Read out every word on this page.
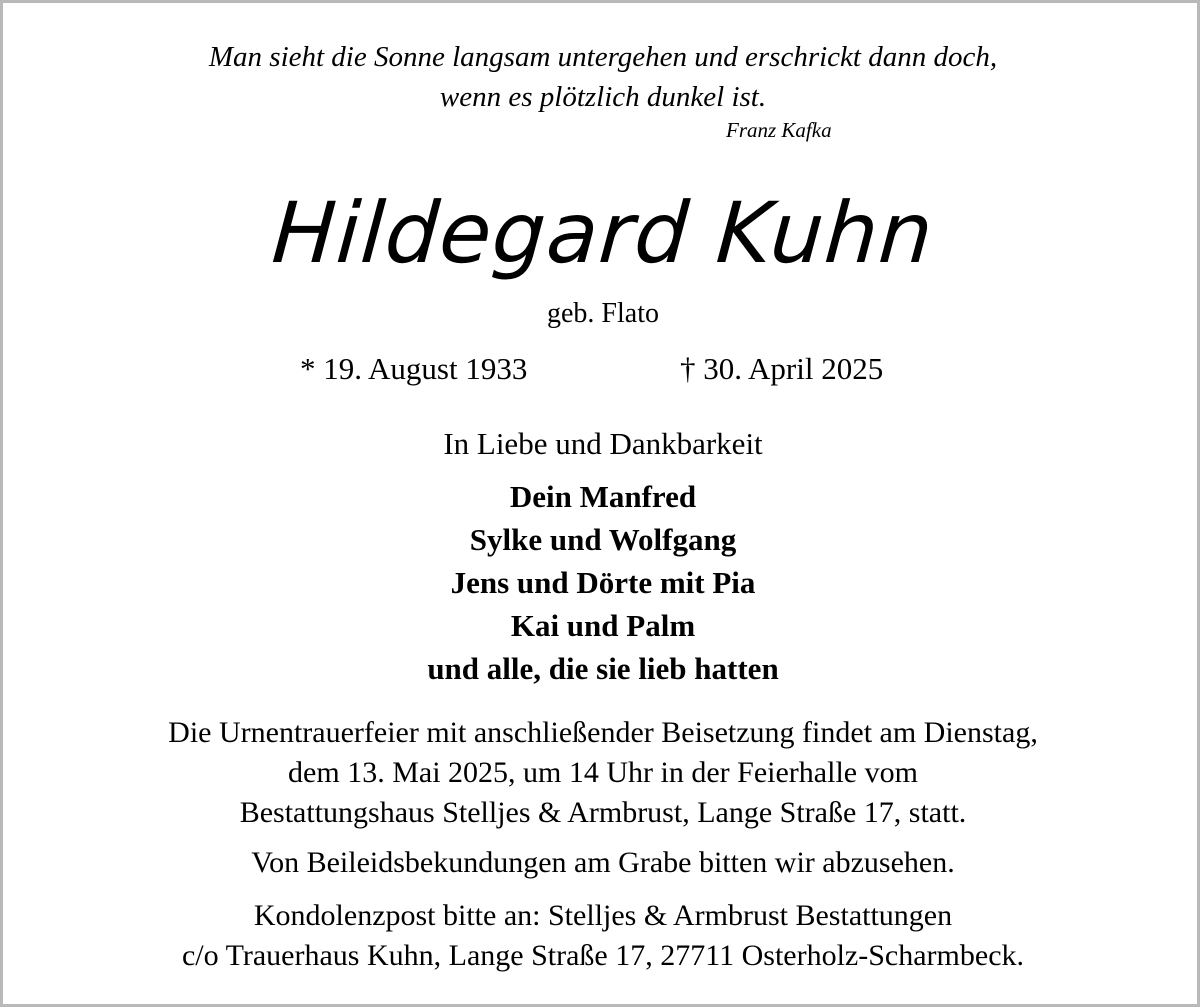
Man sieht die Sonne langsam untergehen und erschrickt dann doch,
wenn es plötzlich dunkel ist.
Franz Kafka
Hildegard Kuhn
geb. Flato
* 19. August 1933	† 30. April 2025
In Liebe und Dankbarkeit
Dein Manfred
Sylke und Wolfgang
Jens und Dörte mit Pia
Kai und Palm
und alle, die sie lieb hatten
Die Urnentrauerfeier mit anschließender Beisetzung findet am Dienstag,
dem 13. Mai 2025, um 14 Uhr in der Feierhalle vom
Bestattungshaus Stelljes & Armbrust, Lange Straße 17, statt.
Von Beileidsbekundungen am Grabe bitten wir abzusehen.
Kondolenzpost bitte an: Stelljes & Armbrust Bestattungen
c/o Trauerhaus Kuhn, Lange Straße 17, 27711 Osterholz-Scharmbeck.
